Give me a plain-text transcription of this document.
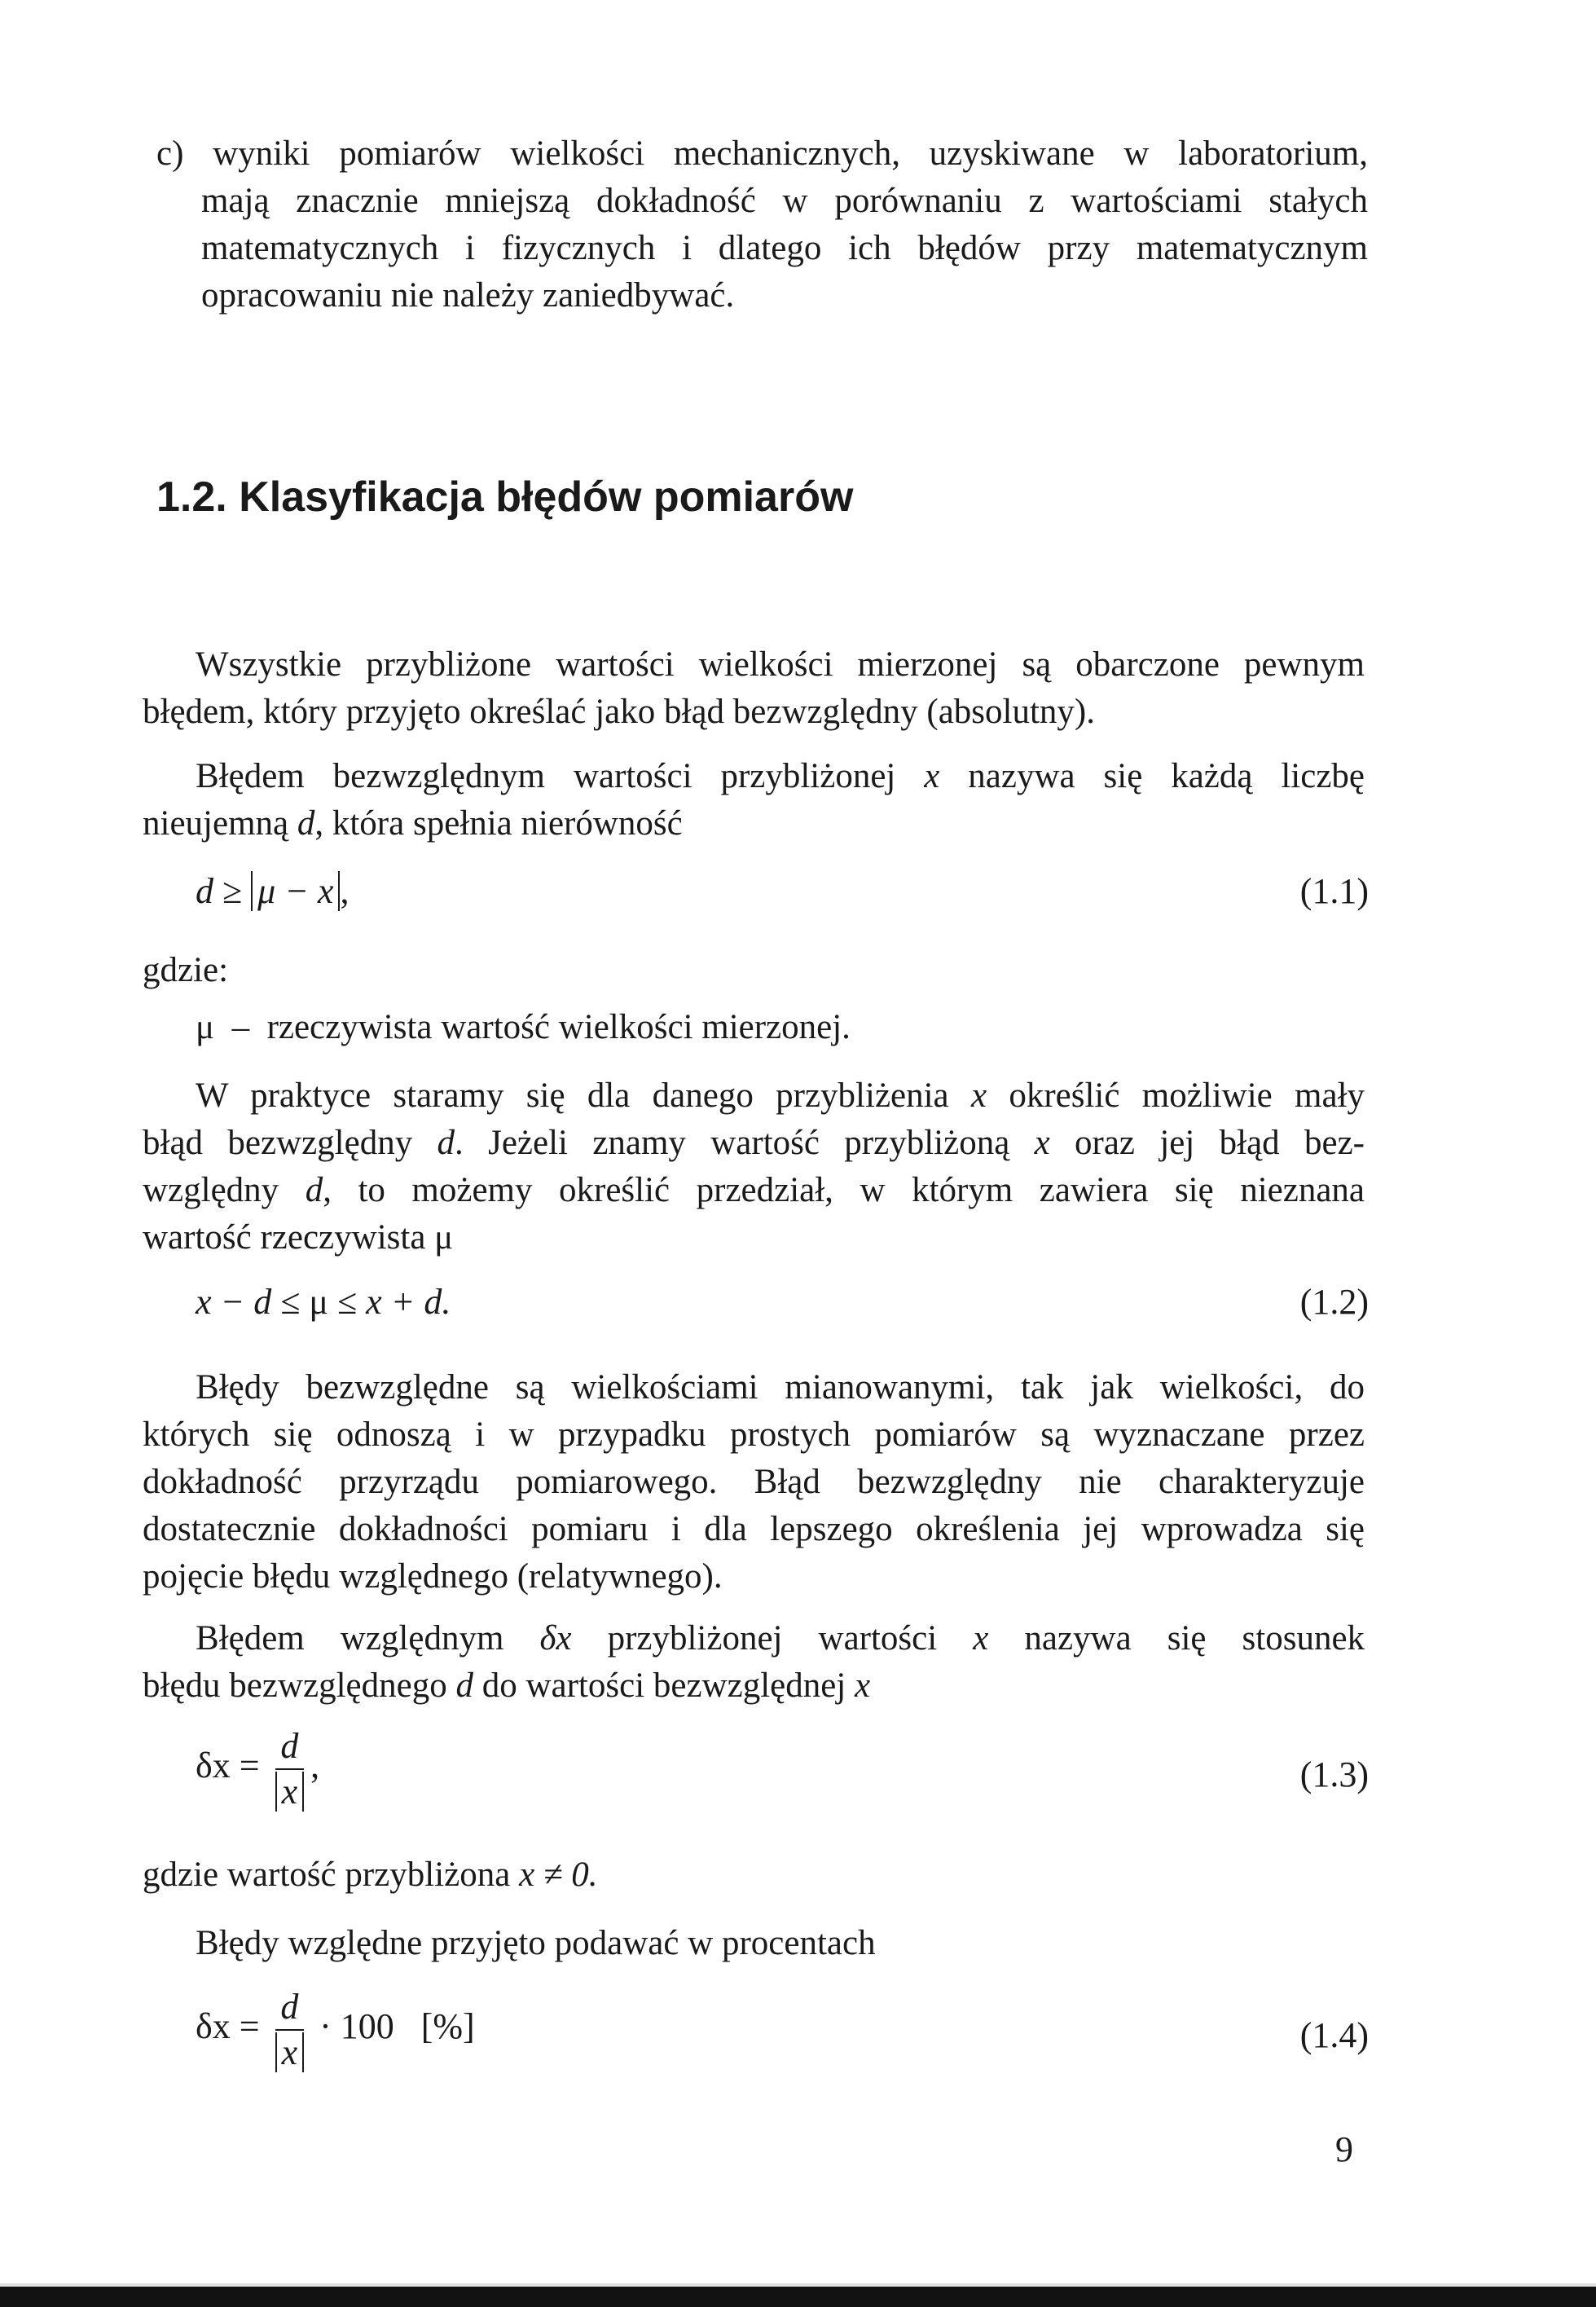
c) wyniki pomiarów wielkości mechanicznych, uzyskiwane w laboratorium,
mają znacznie mniejszą dokładność w porównaniu z wartościami stałych
matematycznych i fizycznych i dlatego ich błędów przy matematycznym
opracowaniu nie należy zaniedbywać.
1.2. Klasyfikacja błędów pomiarów
Wszystkie przybliżone wartości wielkości mierzonej są obarczone pewnym
błędem, który przyjęto określać jako błąd bezwzględny (absolutny).
Błędem bezwzględnym wartości przybliżonej x nazywa się każdą liczbę
nieujemną d, która spełnia nierówność
d ≥ μ − x ,	(1.1)
gdzie:
μ – rzeczywista wartość wielkości mierzonej.
W praktyce staramy się dla danego przybliżenia x określić możliwie mały
błąd bezwzględny d. Jeżeli znamy wartość przybliżoną x oraz jej błąd bez-
względny d, to możemy określić przedział, w którym zawiera się nieznana
wartość rzeczywista μ
x − d ≤ μ ≤ x + d.	(1.2)
Błędy bezwzględne są wielkościami mianowanymi, tak jak wielkości, do
których się odnoszą i w przypadku prostych pomiarów są wyznaczane przez
dokładność przyrządu pomiarowego. Błąd bezwzględny nie charakteryzuje
dostatecznie dokładności pomiaru i dla lepszego określenia jej wprowadza się
pojęcie błędu względnego (relatywnego).
Błędem względnym δx przybliżonej wartości x nazywa się stosunek
błędu bezwzględnego d do wartości bezwzględnej x
$\delta x = \frac{d}{x}$ ,	(1.3)
gdzie wartość przybliżona x ≠ 0.
Błędy względne przyjęto podawać w procentach
$\delta x = \frac{d}{x} \cdot 100$ [%]	(1.4)
9
